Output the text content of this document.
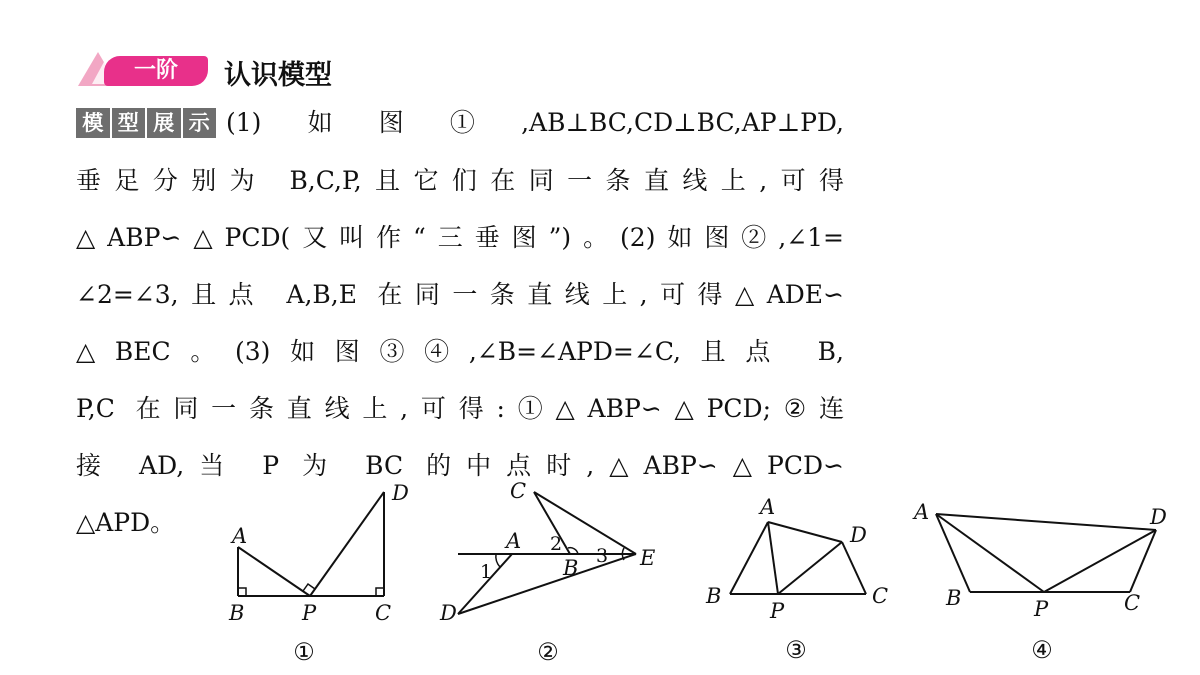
一阶	认识模型
模 型 展 示 (1)如图①,AB⊥BC,CD⊥BC,AP⊥PD,
垂足分别为 B,C,P,且它们在同一条直线上,可得
△ABP∽△PCD(又叫作“三垂图”)。(2)如图②,∠1=
∠2=∠3,且点 A,B,E 在同一条直线上,可得△ADE∽
△BEC。(3)如图③④,∠B=∠APD=∠C,且点 B,
P,C 在同一条直线上,可得:①△ABP∽△PCD;②连
接 AD,当 P 为 BC 的中点时,△ABP∽△PCD∽
△APD。	A
B	P	C
D	C
A
B	E
D
1
2
3
A
D
B
P
C
A	D
B	P	C
①	②	③	④
